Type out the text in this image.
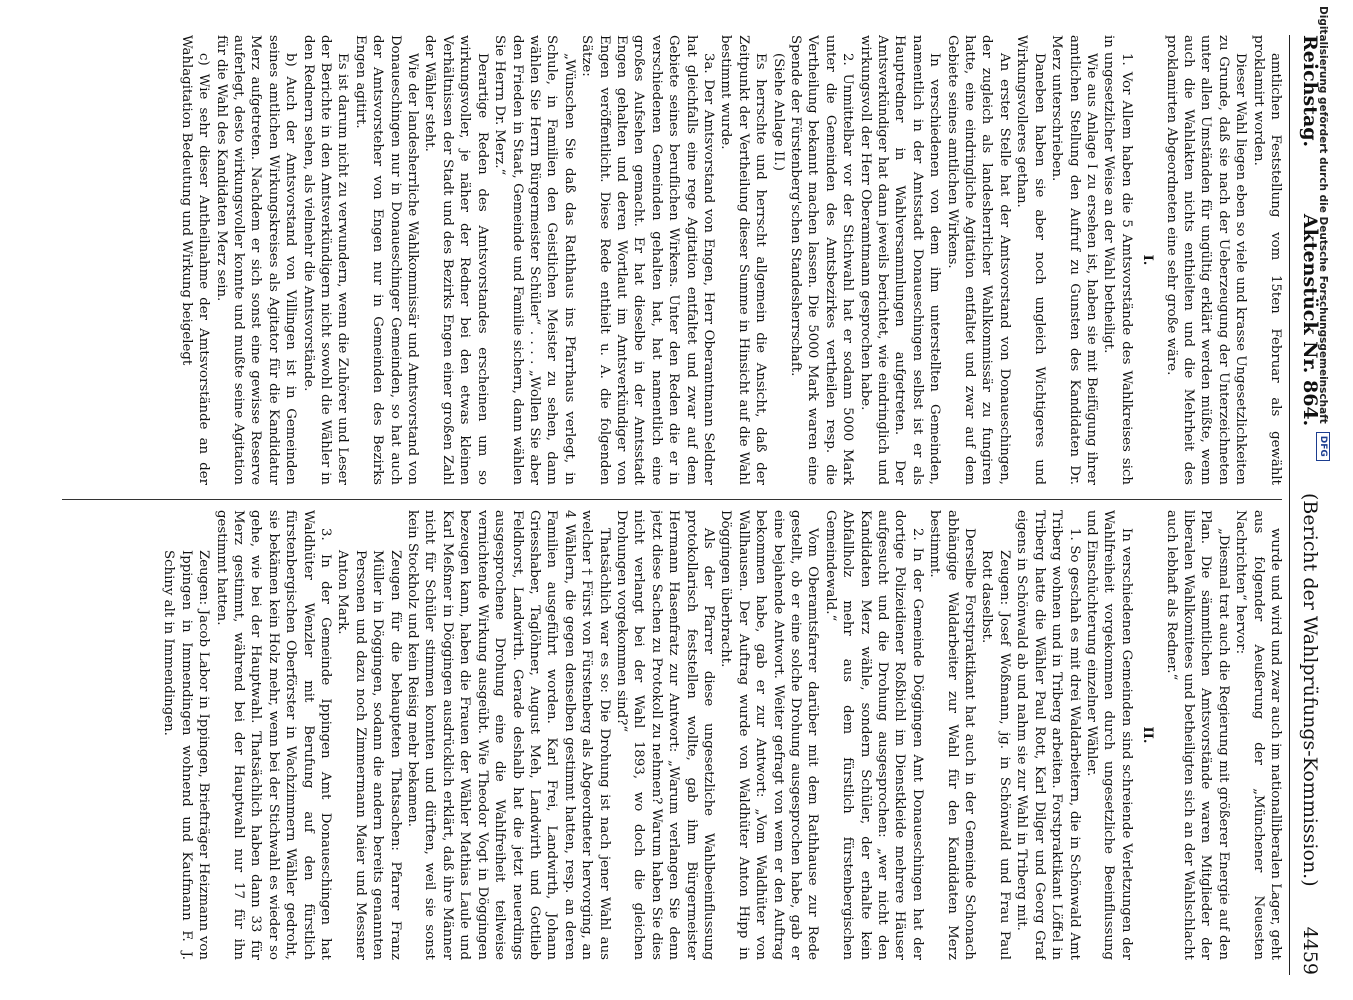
Reichstag.
Aktenstück Nr. 864.
(Bericht der Wahlprüfungs-Kommission.)
4459

amtlichen Feststellung vom 15ten Februar als gewählt proklamirt worden.

Dieser Wahl liegen eben so viele und krasse Ungesetzlichkeiten zu Grunde, daß sie nach der Ueberzeugung der Unterzeichneten unter allen Umständen für ungültig erklärt werden müßte, wenn auch die Wahlakten nichts enthielten und die Mehrheit des proklamirten Abgeordneten eine sehr große wäre.

I.

1. Vor Allem haben die 5 Amtsvorstände des Wahlkreises sich in ungesetzlicher Weise an der Wahl betheiligt.

Wie aus Anlage I zu ersehen ist, haben sie mit Beifügung ihrer amtlichen Stellung den Aufruf zu Gunsten des Kandidaten Dr. Merz unterschrieben.

Daneben haben sie aber noch ungleich Wichtigeres und Wirkungsvolleres gethan.

An erster Stelle hat der Amtsvorstand von Donaueschingen, der zugleich als landesherrlicher Wahlkommissär zu fungiren hatte, eine eindringliche Agitation entfaltet und zwar auf dem Gebiete seines amtlichen Wirkens.

In verschiedenen von dem ihm unterstellten Gemeinden, namentlich in der Amtsstadt Donaueschingen selbst ist er als Hauptredner in Wahlversammlungen aufgetreten. Der Amtsverkündiger hat dann jeweils berichtet, wie eindringlich und wirkungsvoll der Herr Oberamtmann gesprochen habe.

2. Unmittelbar vor der Stichwahl hat er sodann 5000 Mark unter die Gemeinden des Amtsbezirkes vertheilen resp. die Vertheilung bekannt machen lassen. Die 5000 Mark waren eine Spende der Fürstenberg'schen Standesherrschaft.

(Siehe Anlage II.)

Es herrschte und herrscht allgemein die Ansicht, daß der Zeitpunkt der Vertheilung dieser Summe in Hinsicht auf die Wahl bestimmt wurde.

3a. Der Amtsvorstand von Engen, Herr Oberamtmann Seldner hat gleichfalls eine rege Agitation entfaltet und zwar auf dem Gebiete seines beruflichen Wirkens. Unter den Reden die er in verschiedenen Gemeinden gehalten hat, hat namentlich eine großes Aufsehen gemacht. Er hat dieselbe in der Amtsstadt Engen gehalten und deren Wortlaut im Amtsverkündiger von Engen veröffentlicht. Diese Rede enthielt u. A. die folgenden Sätze:

„Wünschen Sie daß das Rathhaus ins Pfarrhaus verlegt, in Schule, in Familien den Geistlichen Meister zu sehen, dann wählen Sie Herrn Bürgermeister Schüler“ . . . . „Wollen Sie aber den Frieden in Staat, Gemeinde und Familie sichern, dann wählen Sie Herrn Dr. Merz.“

Derartige Reden des Amtsvorstandes erscheinen um so wirkungsvoller, je näher der Redner bei den etwas kleinen Verhältnissen der Stadt und des Bezirks Engen einer großen Zahl der Wähler steht.

Wie der landesherrliche Wahlkommissär und Amtsvorstand von Donaueschingen nur in Donaueschinger Gemeinden, so hat auch der Amtsvorsteher von Engen nur in Gemeinden des Bezirks Engen agitirt.

Es ist darum nicht zu verwundern, wenn die Zuhörer und Leser der Berichte in den Amtsverkündigern nicht sowohl die Wähler in den Rednern sehen, als vielmehr die Amtsvorstände.

b) Auch der Amtsvorstand von Villingen ist in Gemeinden seines amtlichen Wirkungskreises als Agitator für die Kandidatur Merz aufgetreten. Nachdem er sich sonst eine gewisse Reserve auferlegt, desto wirkungsvoller konnte und mußte seine Agitation für die Wahl des Kandidaten Merz sein.

c) Wie sehr dieser Antheilnahme der Amtsvorstände an der Wahlagitation Bedeutung und Wirkung beigelegt

wurde und wird und zwar auch im nationalliberalen Lager, geht aus folgender Aeußerung der „Münchener Neuesten Nachrichten“ hervor:

„Diesmal trat auch die Regierung mit größerer Energie auf den Plan. Die sämmtlichen Amtsvorstände waren Mitglieder der liberalen Wahlkomitees und betheiligten sich an der Wahlschlacht auch lebhaft als Redner.“

II.

In verschiedenen Gemeinden sind schreiende Verletzungen der Wahlfreiheit vorgekommen durch ungesetzliche Beeinflussung und Einschüchterung einzelner Wähler.

1. So geschah es mit drei Waldarbeitern, die in Schönwald Amt Triberg wohnen und in Triberg arbeiten. Forstpraktikant Löffel in Triberg hatte die Wähler Paul Rott, Karl Dilger und Georg Graf eigens in Schönwald ab und nahm sie zur Wahl in Triberg mit.

Zeugen: Josef Woßmann, jg. in Schönwald und Frau Paul Rott daselbst.

Derselbe Forstpraktikant hat auch in der Gemeinde Schonach abhängige Waldarbeiter zur Wahl für den Kandidaten Merz bestimmt.

2. In der Gemeinde Döggingen Amt Donaueschingen hat der dortige Polizeidiener Roßbichl im Dienstkleide mehrere Häuser aufgesucht und die Drohung ausgesprochen: „wer nicht den Kandidaten Merz wähle, sondern Schüler, der erhalte kein Abfallholz mehr aus dem fürstlich fürstenbergischen Gemeindewald.“

Vom Oberamtsfarrer darüber mit dem Rathhause zur Rede gestellt, ob er eine solche Drohung ausgesprochen habe, gab er eine bejahende Antwort. Weiter gefragt von wem er den Auftrag bekommen habe, gab er zur Antwort: „Vom Waldhüter von Wallhausen. Der Auftrag wurde von Waldhüter Anton Hipp in Döggingen überbracht.

Als der Pfarrer diese ungesetzliche Wahlbeeinflussung protokollarisch feststellen wollte, gab ihm Bürgermeister Hermann Hasenfratz zur Antwort: „Warum verlangen Sie denn jetzt diese Sachen zu Protokoll zu nehmen? Warum haben Sie dies nicht verlangt bei der Wahl 1893, wo doch die gleichen Drohungen vorgekommen sind?“

Thatsächlich war es so: Die Drohung ist nach jener Wahl aus welcher † Fürst von Fürstenberg als Abgeordneter hervorging, an 4 Wählern, die gegen denselben gestimmt hatten, resp. an deren Familien ausgeführt worden. Karl Frei, Landwirth, Johann Griesshaber, Taglöhner, August Meh, Landwirth und Gottlieb Feldhorst, Landwirth. Gerade deshalb hat die jetzt neuerdings ausgesprochene Drohung eine die Wahlfreiheit teilweise vernichtende Wirkung ausgeübt. Wie Theodor Vogt in Döggingen bezeugen kann, haben die Frauen der Wähler Mathias Laule und Karl Meßmer in Döggingen ausdrücklich erklärt, daß ihre Männer nicht für Schüler stimmen konnten und dürften, weil sie sonst kein Stockholz und kein Reisig mehr bekamen.

Zeugen für die behaupteten Thatsachen: Pfarrer Franz Müller in Döggingen, sodann die andern bereits genannten Personen und dazu noch Zimmermann Maier und Messner Anton Mark.

3. In der Gemeinde Ippingen Amt Donaueschingen hat Waldhüter Wenzler mit Berufung auf den fürstlich fürstenbergischen Oberförster in Wachzimmern Wähler gedroht, sie bekämen kein Holz mehr, wenn bei der Stichwahl es wieder so gehe, wie bei der Hauptwahl. Thatsächlich haben dann 33 für Merz gestimmt, während bei der Hauptwahl nur 17 für ihn gestimmt hatten.

Zeugen: Jacob Labor in Ippingen, Briefträger Heizmann von Ippingen in Immendingen wohnend und Kaufmann F. J. Schiny alt in Immendingen.

Digitalisierung gefördert durch die Deutsche Forschungsgemeinschaft
DFG
